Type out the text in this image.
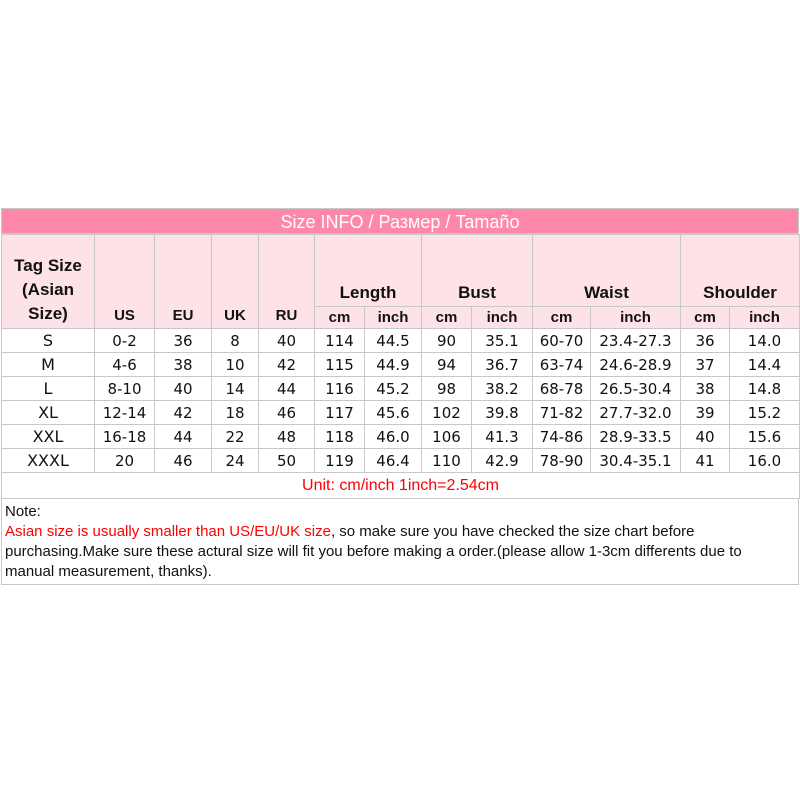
Size INFO / Размер / Tamaño
Tag Size (Asian Size)	US	EU	UK	RU	Length		Bust		Waist		Shoulder	
					cm	inch	cm	inch	cm	inch	cm	inch
S	0-2	36	8	40	114	44.5	90	35.1	60-70	23.4-27.3	36	14.0
M	4-6	38	10	42	115	44.9	94	36.7	63-74	24.6-28.9	37	14.4
L	8-10	40	14	44	116	45.2	98	38.2	68-78	26.5-30.4	38	14.8
XL	12-14	42	18	46	117	45.6	102	39.8	71-82	27.7-32.0	39	15.2
XXL	16-18	44	22	48	118	46.0	106	41.3	74-86	28.9-33.5	40	15.6
XXXL	20	46	24	50	119	46.4	110	42.9	78-90	30.4-35.1	41	16.0
Unit: cm/inch 1inch=2.54cm												
Note:
Asian size is usually smaller than US/EU/UK size, so make sure you have checked the size chart before purchasing.Make sure these actural size will fit you before making a order.(please allow 1-3cm differents due to manual measurement, thanks).
